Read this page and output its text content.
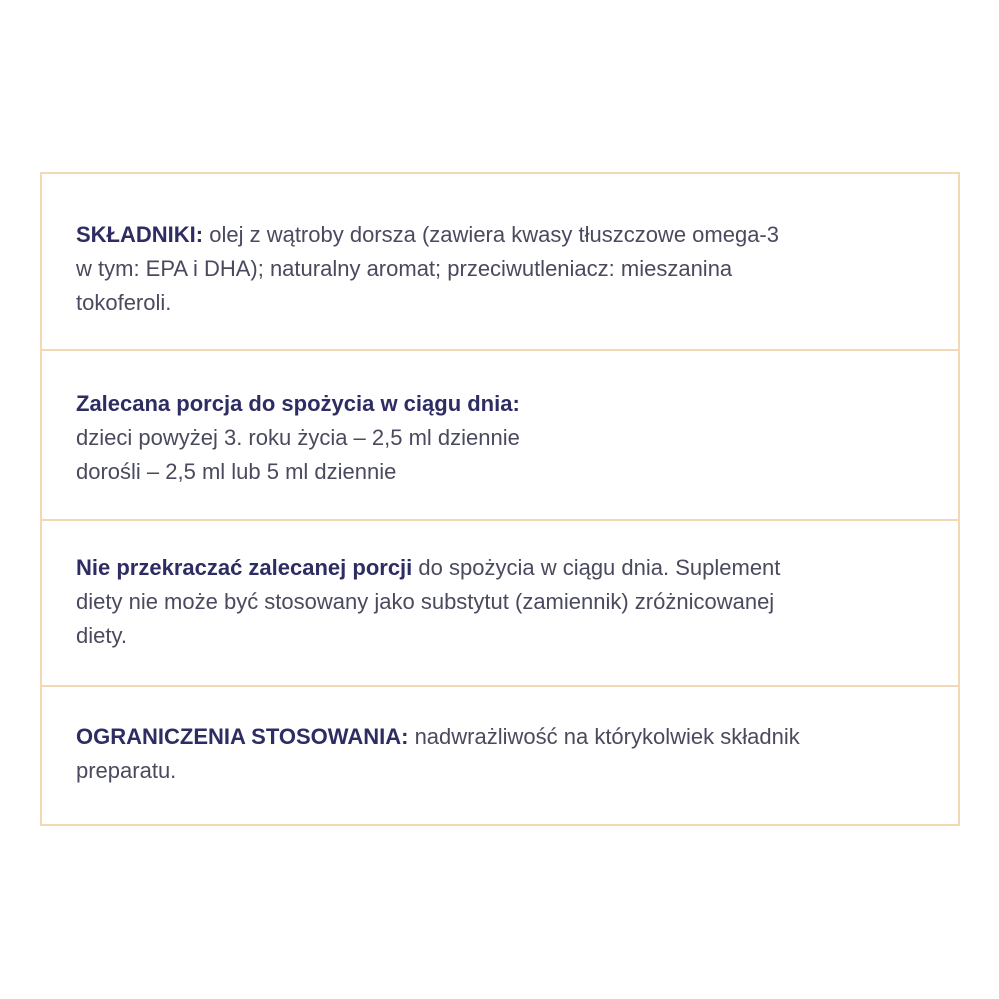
SKŁADNIKI: olej z wątroby dorsza (zawiera kwasy tłuszczowe omega-3
w tym: EPA i DHA); naturalny aromat; przeciwutleniacz: mieszanina
tokoferoli.
Zalecana porcja do spożycia w ciągu dnia:
dzieci powyżej 3. roku życia – 2,5 ml dziennie
dorośli – 2,5 ml lub 5 ml dziennie
Nie przekraczać zalecanej porcji do spożycia w ciągu dnia. Suplement
diety nie może być stosowany jako substytut (zamiennik) zróżnicowanej
diety.
OGRANICZENIA STOSOWANIA: nadwrażliwość na którykolwiek składnik
preparatu.
